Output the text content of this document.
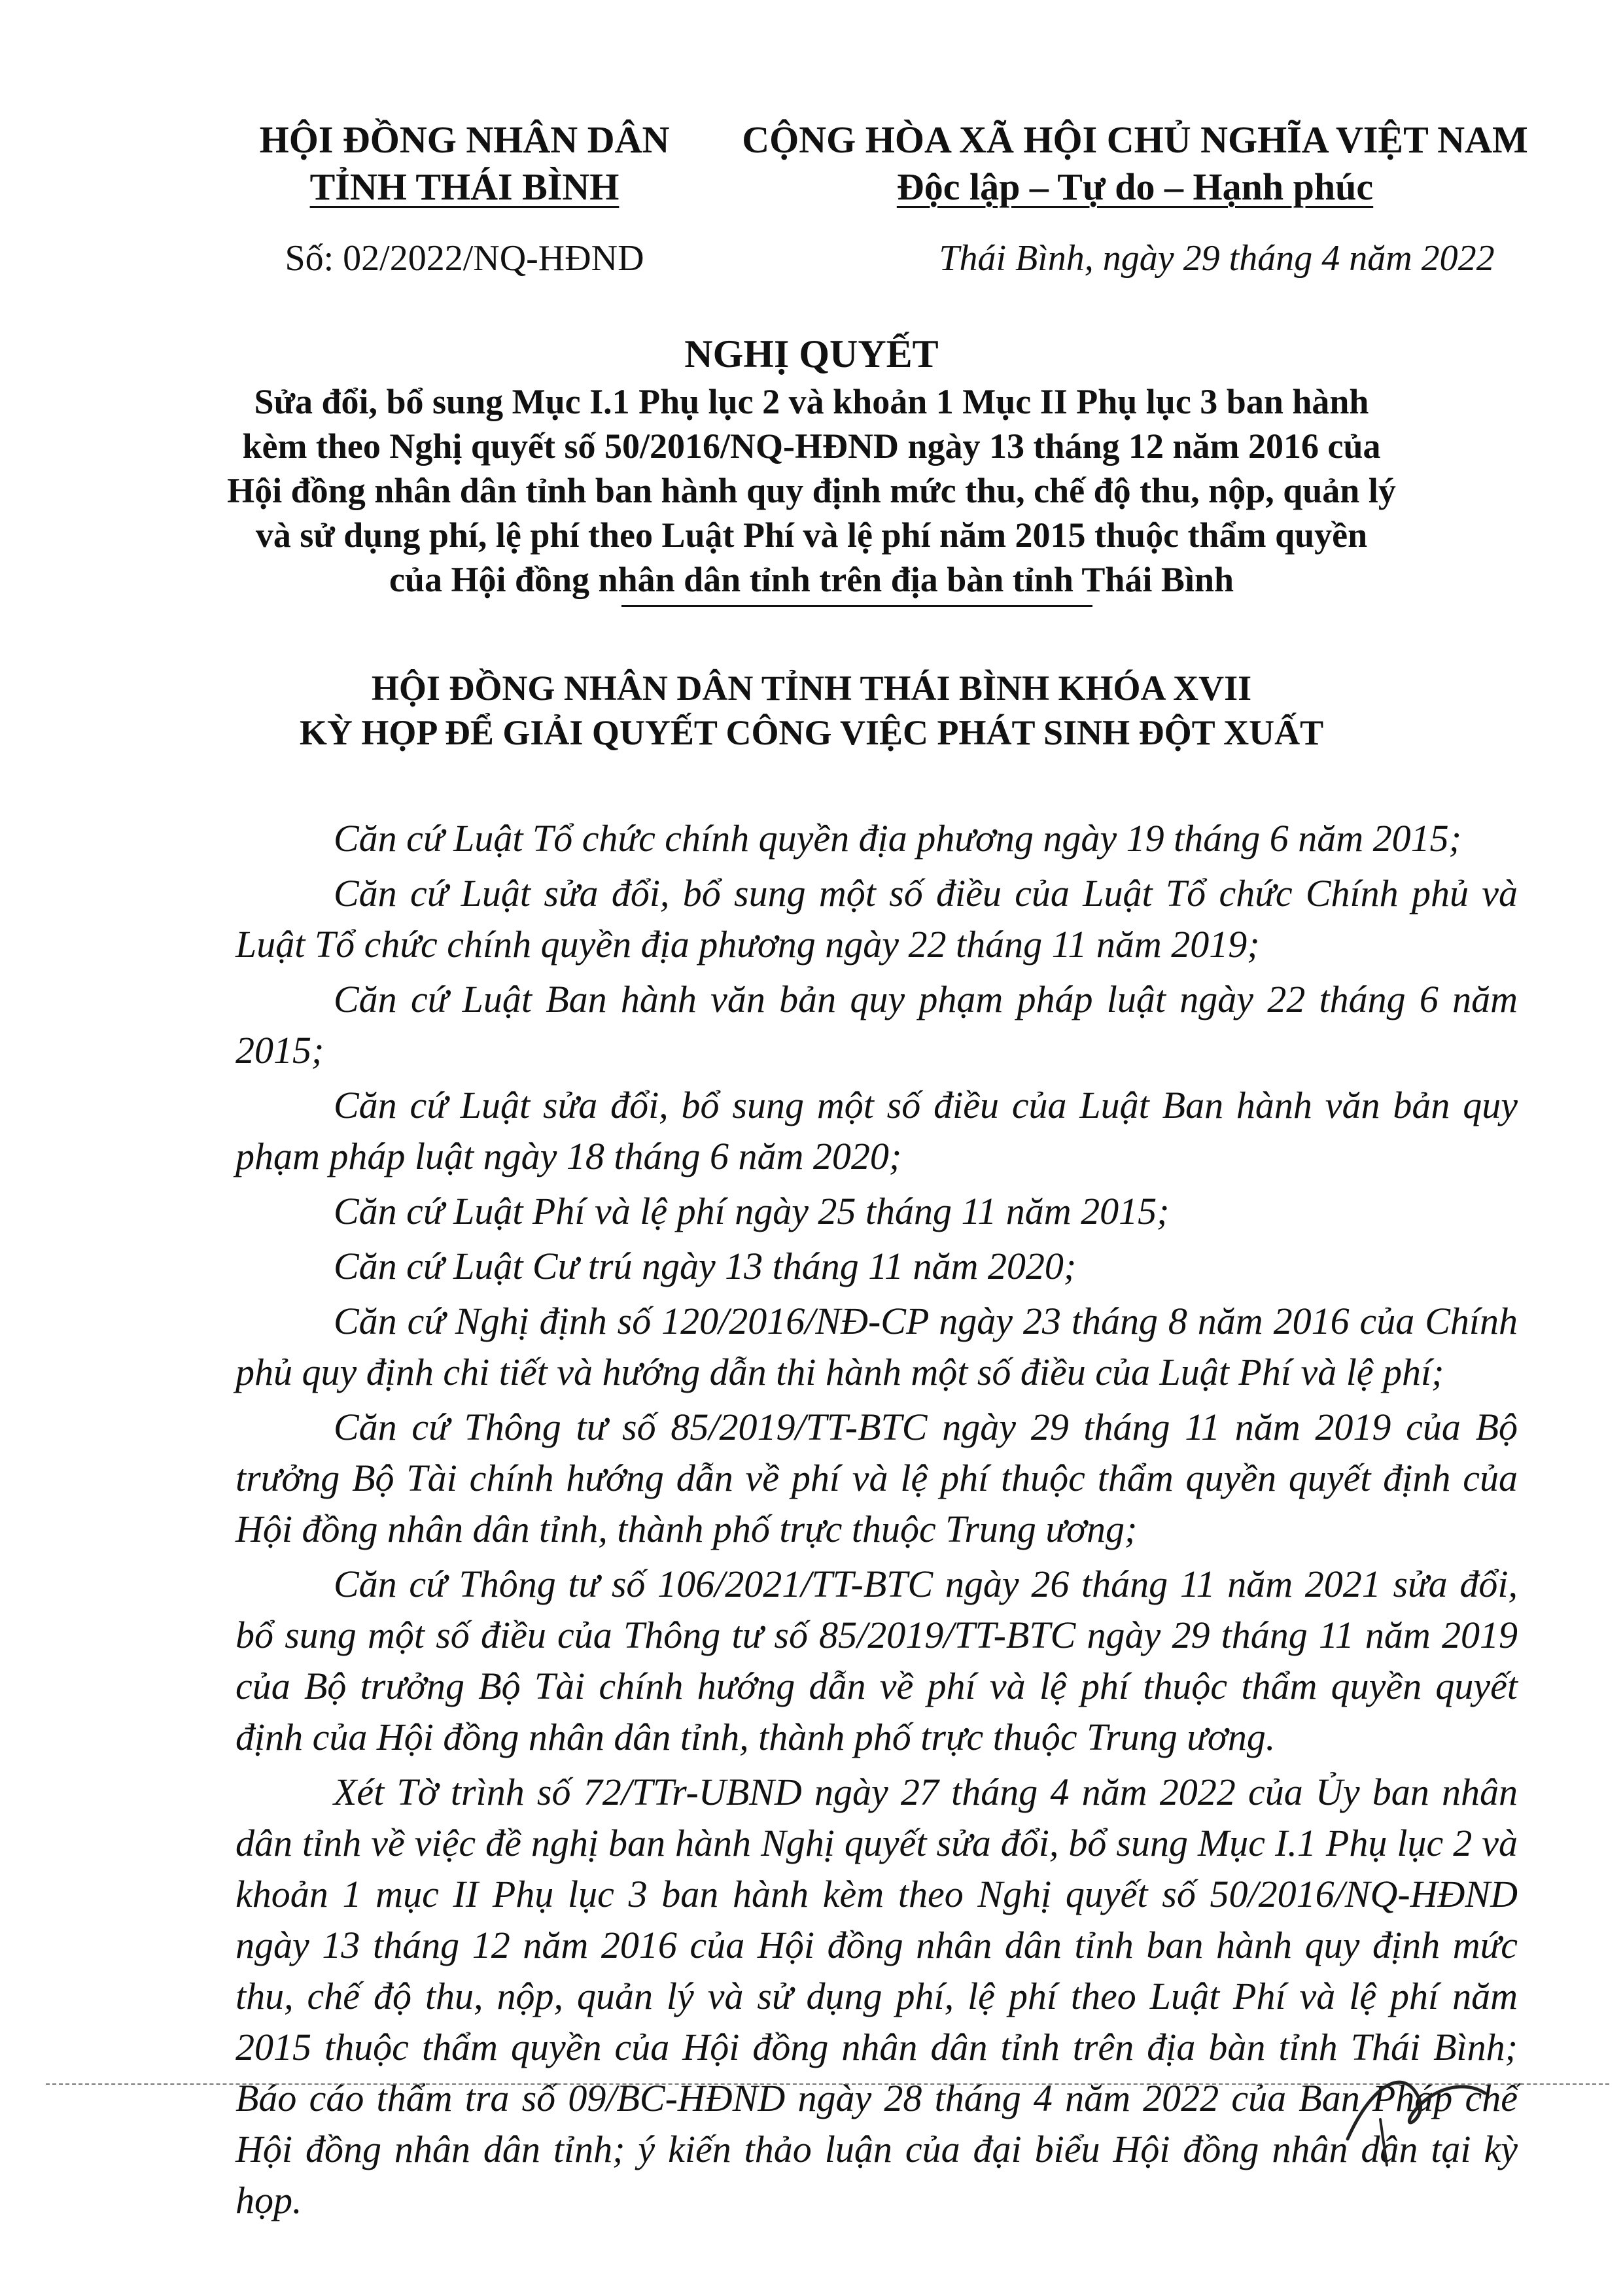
HỘI ĐỒNG NHÂN DÂN
TỈNH THÁI BÌNH
Số: 02/2022/NQ-HĐND
CỘNG HÒA XÃ HỘI CHỦ NGHĨA VIỆT NAM
Độc lập – Tự do – Hạnh phúc
Thái Bình, ngày 29 tháng 4 năm 2022
NGHỊ QUYẾT
Sửa đổi, bổ sung Mục I.1 Phụ lục 2 và khoản 1 Mục II Phụ lục 3 ban hành
kèm theo Nghị quyết số 50/2016/NQ-HĐND ngày 13 tháng 12 năm 2016 của
Hội đồng nhân dân tỉnh ban hành quy định mức thu, chế độ thu, nộp, quản lý
và sử dụng phí, lệ phí theo Luật Phí và lệ phí năm 2015 thuộc thẩm quyền
của Hội đồng nhân dân tỉnh trên địa bàn tỉnh Thái Bình
HỘI ĐỒNG NHÂN DÂN TỈNH THÁI BÌNH KHÓA XVII
KỲ HỌP ĐỂ GIẢI QUYẾT CÔNG VIỆC PHÁT SINH ĐỘT XUẤT
Căn cứ Luật Tổ chức chính quyền địa phương ngày 19 tháng 6 năm 2015;
Căn cứ Luật sửa đổi, bổ sung một số điều của Luật Tổ chức Chính phủ và Luật Tổ chức chính quyền địa phương ngày 22 tháng 11 năm 2019;
Căn cứ Luật Ban hành văn bản quy phạm pháp luật ngày 22 tháng 6 năm 2015;
Căn cứ Luật sửa đổi, bổ sung một số điều của Luật Ban hành văn bản quy phạm pháp luật ngày 18 tháng 6 năm 2020;
Căn cứ Luật Phí và lệ phí ngày 25 tháng 11 năm 2015;
Căn cứ Luật Cư trú ngày 13 tháng 11 năm 2020;
Căn cứ Nghị định số 120/2016/NĐ-CP ngày 23 tháng 8 năm 2016 của Chính phủ quy định chi tiết và hướng dẫn thi hành một số điều của Luật Phí và lệ phí;
Căn cứ Thông tư số 85/2019/TT-BTC ngày 29 tháng 11 năm 2019 của Bộ trưởng Bộ Tài chính hướng dẫn về phí và lệ phí thuộc thẩm quyền quyết định của Hội đồng nhân dân tỉnh, thành phố trực thuộc Trung ương;
Căn cứ Thông tư số 106/2021/TT-BTC ngày 26 tháng 11 năm 2021 sửa đổi, bổ sung một số điều của Thông tư số 85/2019/TT-BTC ngày 29 tháng 11 năm 2019 của Bộ trưởng Bộ Tài chính hướng dẫn về phí và lệ phí thuộc thẩm quyền quyết định của Hội đồng nhân dân tỉnh, thành phố trực thuộc Trung ương.
Xét Tờ trình số 72/TTr-UBND ngày 27 tháng 4 năm 2022 của Ủy ban nhân dân tỉnh về việc đề nghị ban hành Nghị quyết sửa đổi, bổ sung Mục I.1 Phụ lục 2 và khoản 1 mục II Phụ lục 3 ban hành kèm theo Nghị quyết số 50/2016/NQ-HĐND ngày 13 tháng 12 năm 2016 của Hội đồng nhân dân tỉnh ban hành quy định mức thu, chế độ thu, nộp, quản lý và sử dụng phí, lệ phí theo Luật Phí và lệ phí năm 2015 thuộc thẩm quyền của Hội đồng nhân dân tỉnh trên địa bàn tỉnh Thái Bình; Báo cáo thẩm tra số 09/BC-HĐND ngày 28 tháng 4 năm 2022 của Ban Pháp chế Hội đồng nhân dân tỉnh; ý kiến thảo luận của đại biểu Hội đồng nhân dân tại kỳ họp.
